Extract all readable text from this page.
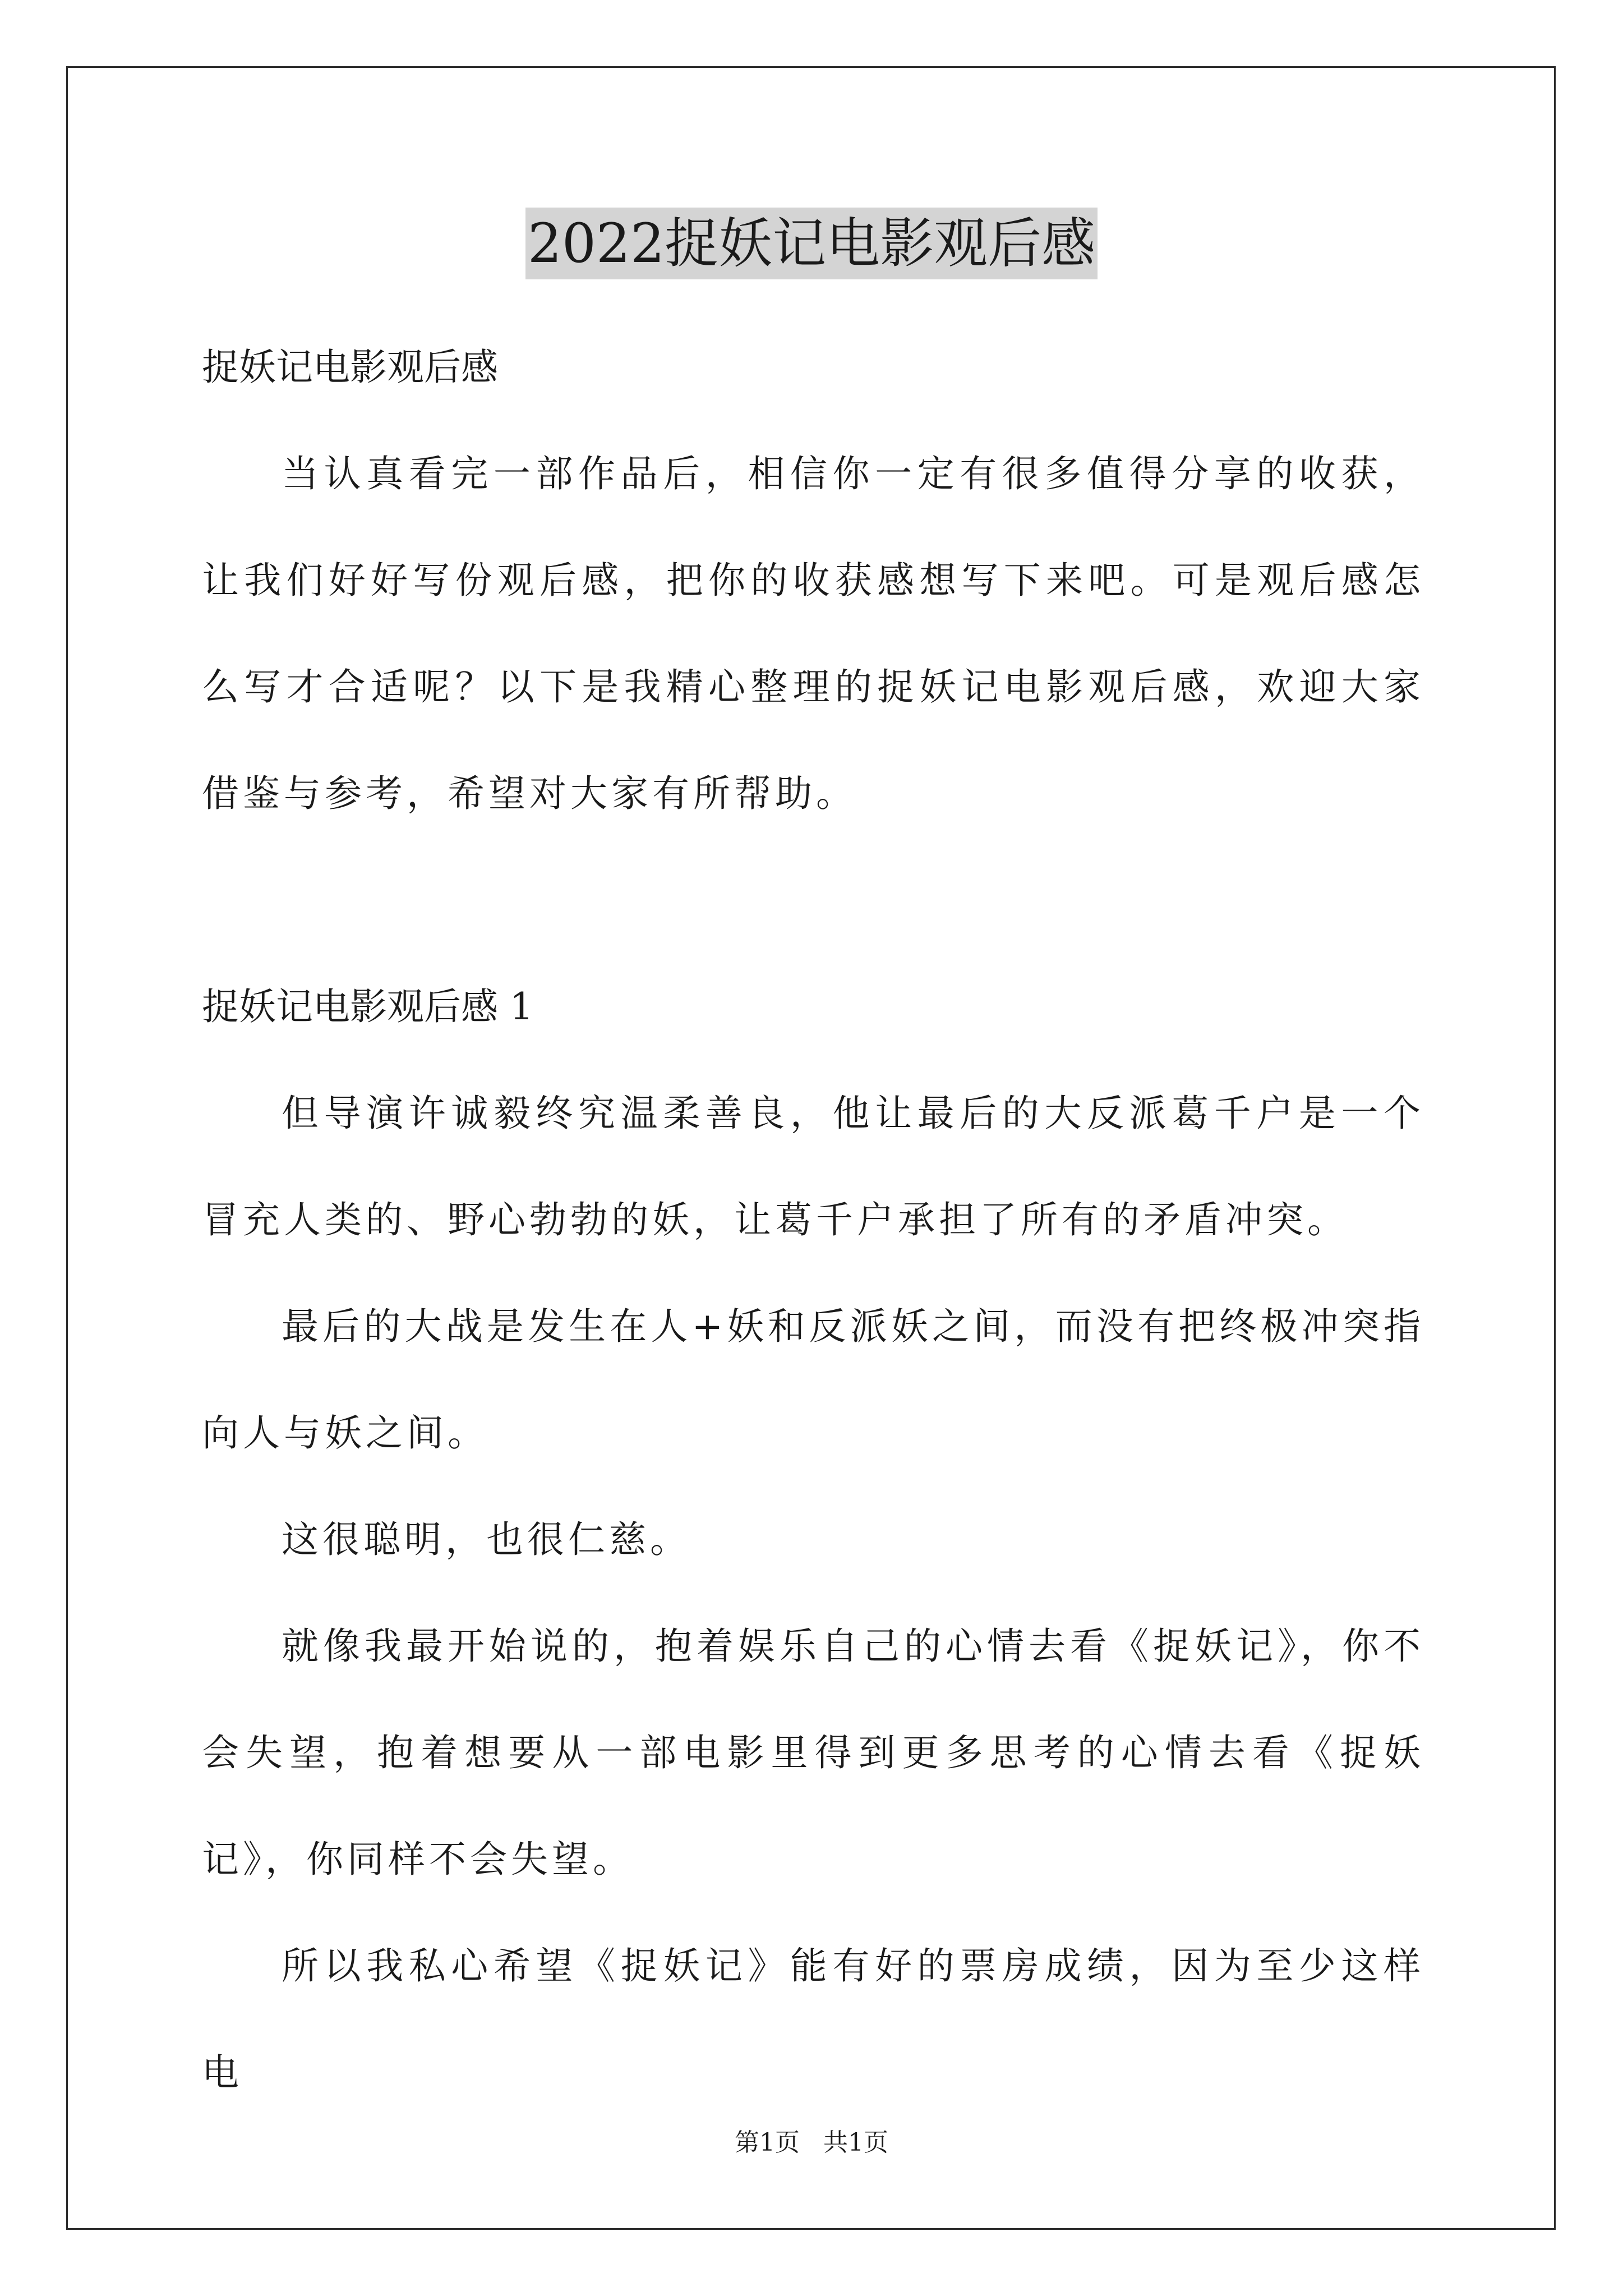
2022捉妖记电影观后感

捉妖记电影观后感

当认真看完一部作品后，相信你一定有很多值得分享的收获，让我们好好写份观后感，把你的收获感想写下来吧。可是观后感怎么写才合适呢？以下是我精心整理的捉妖记电影观后感，欢迎大家借鉴与参考，希望对大家有所帮助。

捉妖记电影观后感 1

但导演许诚毅终究温柔善良，他让最后的大反派葛千户是一个冒充人类的、野心勃勃的妖，让葛千户承担了所有的矛盾冲突。

最后的大战是发生在人+妖和反派妖之间，而没有把终极冲突指向人与妖之间。

这很聪明，也很仁慈。

就像我最开始说的，抱着娱乐自己的心情去看《捉妖记》，你不会失望，抱着想要从一部电影里得到更多思考的心情去看《捉妖记》，你同样不会失望。

所以我私心希望《捉妖记》能有好的票房成绩，因为至少这样电

第1页   共1页
